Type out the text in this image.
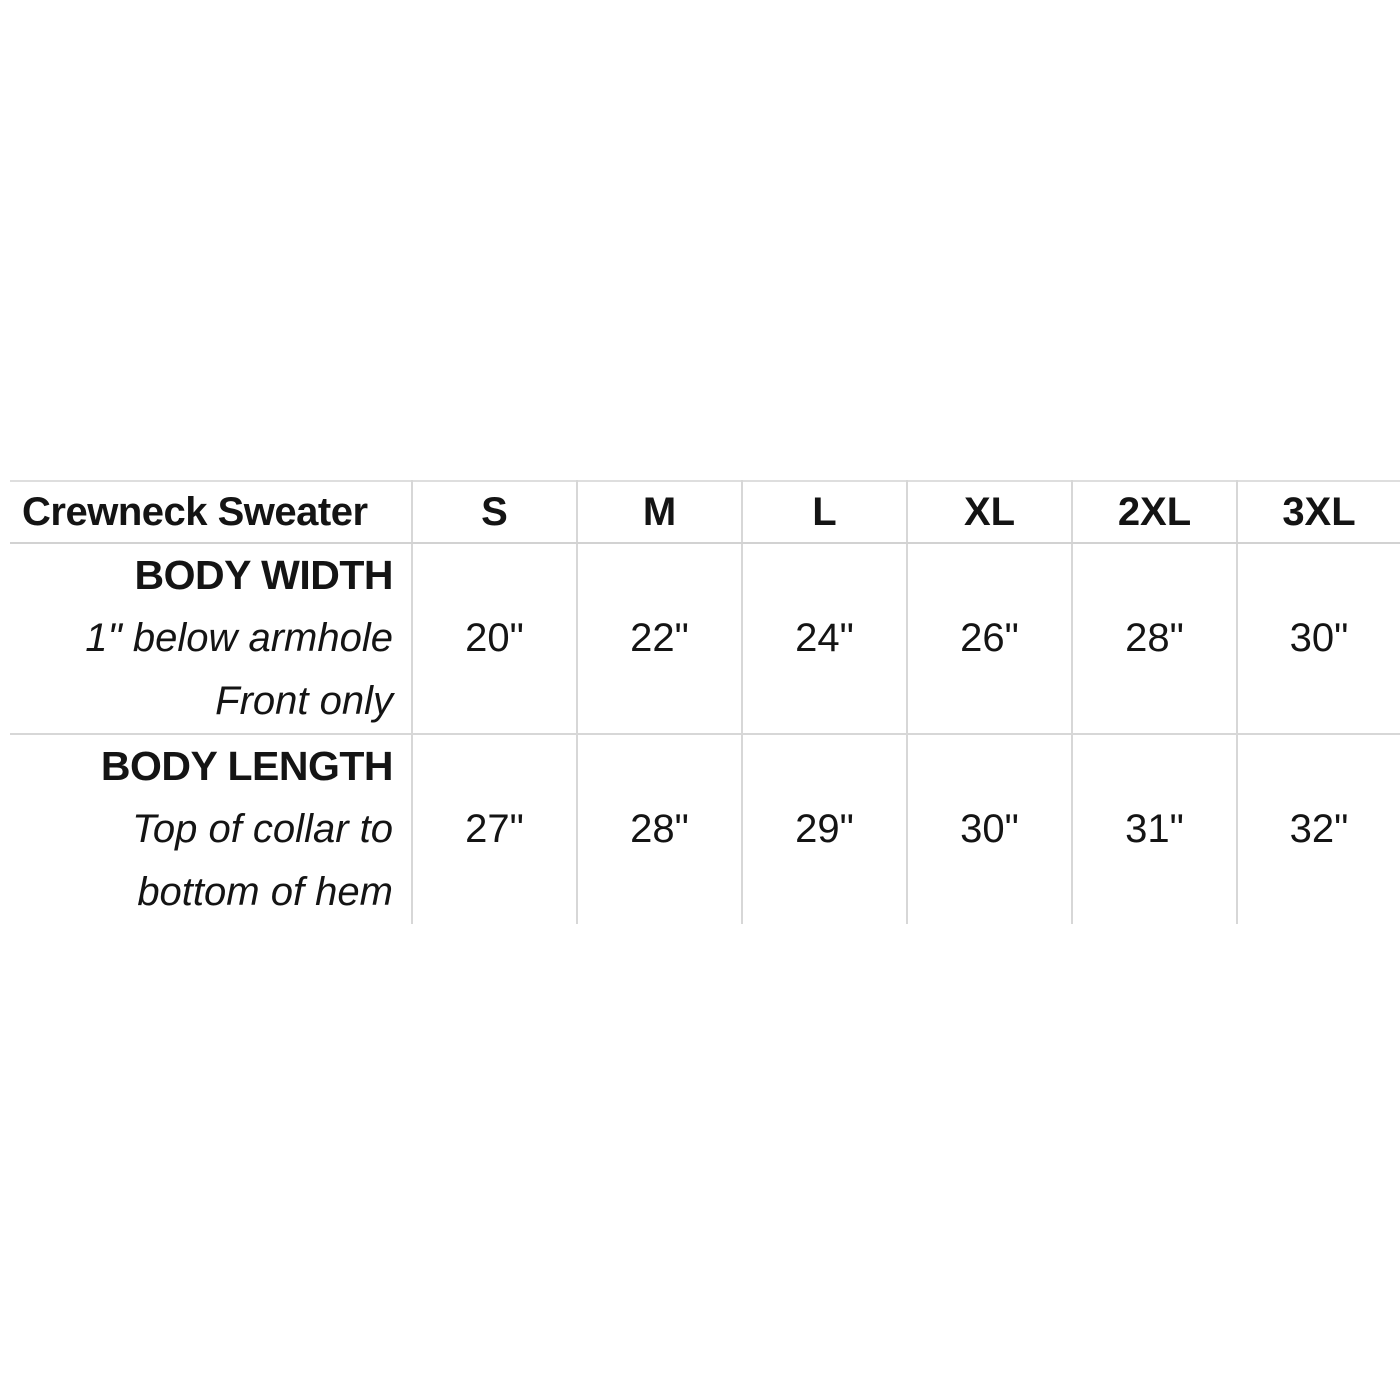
Crewneck Sweater	S	M	L	XL	2XL	3XL

BODY WIDTH
1" below armhole
Front only	20"	22"	24"	26"	28"	30"

BODY LENGTH
Top of collar to
bottom of hem	27"	28"	29"	30"	31"	32"
